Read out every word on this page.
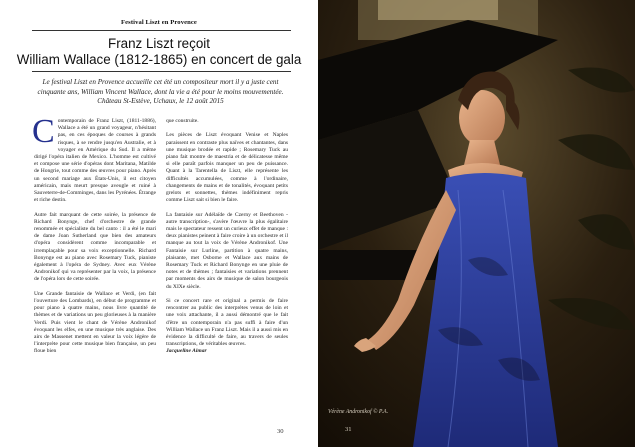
Festival Liszt en Provence
Franz Liszt reçoit
William Wallace (1812-1865) en concert de gala
Le festival Liszt en Provence accueille cet été un compositeur mort il y a juste cent cinquante ans, William Vincent Wallace, dont la vie a été pour le moins mouvementée. Château St-Estève, Uchaux, le 12 août 2015

Contemporain de Franz Liszt, (1811-1886), Wallace a été un grand voyageur, n'hésitant pas, en ces époques de courses à grands risques, à se rendre jusqu'en Australie, et à voyager en Amérique du Sud. Il a même dirigé l'opéra italien de Mexico. L'homme est cultivé et compose une série d'opéras dont Maritana, Matilde de Hongrie, tout comme des œuvres pour piano. Après un second mariage aux États-Unis, il est citoyen américain, mais meurt presque aveugle et ruiné à Sauveterre-de-Comminges, dans les Pyrénées. Étrange et riche destin.

Autre fait marquant de cette soirée, la présence de Richard Bonynge, chef d'orchestre de grande renommée et spécialiste du bel canto : il a été le mari de dame Joan Sutherland que bien des amateurs d'opéra considèrent comme incomparable et irremplaçable pour sa voix exceptionnelle. Richard Bonynge est au piano avec Rosemary Tuck, pianiste également à l'opéra de Sydney. Avec eux Vérène Andronikof qui va représenter par la voix, la présence de l'opéra lors de cette soirée.

Une Grande fantaisie de Wallace et Verdi, (en fait l'ouverture des Lombards), en début de programme et pour piano à quatre mains, nous livre quantité de thèmes et de variations un peu glorieuses à la manière Verdi. Puis vient le chant de Vérène Andronikof évoquant les elfes, en une musique très anglaise. Des airs de Massenet mettent en valeur la voix légère de l'interprète pour cette musique bien française, un peu floue bien

que construite.

Les pièces de Liszt évoquant Venise et Naples paraissent en contraste plus naïves et chantantes, dans une musique brodée et rapide ; Rosemary Tuck au piano fait montre de maestria et de délicatesse même si elle paraît parfois manquer un peu de puissance. Quant à la Tarentella de Liszt, elle représente les difficultés accumulées, comme à l'ordinaire, changements de mains et de tonalités, évoquant petits grelots et sonnettes, thèmes indéfiniment repris comme Liszt sait si bien le faire.

La fantaisie sur Adélaïde de Czerny et Beethoven -autre transcription-, s'avère l'œuvre la plus égalitaire mais le spectateur ressent un curieux effet de manque : deux pianistes peinent à faire croire à un orchestre et il manque au tout la voix de Vérène Andronikof. Une Fantaisie sur Lurline, partition à quatre mains, plaisante, met Osborne et Wallace aux mains de Rosemary Tuck et Richard Bonynge en une pluie de notes et de thèmes ; fantaisies et variations prennent par moments des airs de musique de salon bourgeois du XIXe siècle.

Si ce concert rare et original a permis de faire rencontrer au public des interprètes venus de loin et une voix attachante, il a aussi démontré que le fait d'être un contemporain n'a pas suffi à faire d'un William Wallace un Franz Liszt. Mais il a aussi mis en évidence la difficulté de faire, au travers de seules transcriptions, de véritables œuvres.

Jacqueline Aimar
30
Vérène Andronikof © P.A.
31
